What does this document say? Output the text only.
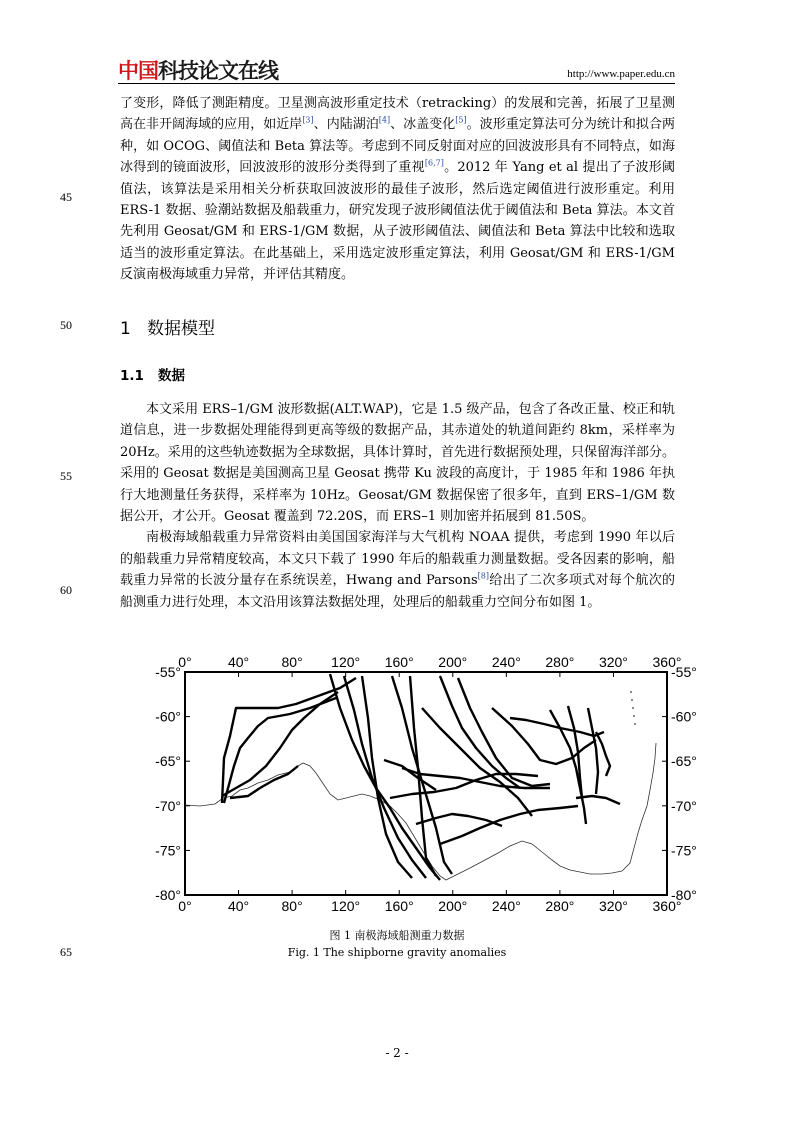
中国科技论文在线	http://www.paper.edu.cn
45
50
55
60
65

了变形，降低了测距精度。卫星测高波形重定技术（retracking）的发展和完善，拓展了卫星测高在非开阔海域的应用，如近岸[3]、内陆湖泊[4]、冰盖变化[5]。波形重定算法可分为统计和拟合两种，如 OCOG、阈值法和 Beta 算法等。考虑到不同反射面对应的回波波形具有不同特点，如海冰得到的镜面波形，回波波形的波形分类得到了重视[6,7]。2012 年 Yang et al 提出了子波形阈值法，该算法是采用相关分析获取回波波形的最佳子波形，然后选定阈值进行波形重定。利用 ERS-1 数据、验潮站数据及船载重力，研究发现子波形阈值法优于阈值法和 Beta 算法。本文首先利用 Geosat/GM 和 ERS-1/GM 数据，从子波形阈值法、阈值法和 Beta 算法中比较和选取适当的波形重定算法。在此基础上，采用选定波形重定算法，利用 Geosat/GM 和 ERS-1/GM 反演南极海域重力异常，并评估其精度。

1 数据模型
1.1 数据

本文采用 ERS–1/GM 波形数据(ALT.WAP)，它是 1.5 级产品，包含了各改正量、校正和轨道信息，进一步数据处理能得到更高等级的数据产品，其赤道处的轨道间距约 8km，采样率为 20Hz。采用的这些轨迹数据为全球数据，具体计算时，首先进行数据预处理，只保留海洋部分。采用的 Geosat 数据是美国测高卫星 Geosat 携带 Ku 波段的高度计，于 1985 年和 1986 年执行大地测量任务获得，采样率为 10Hz。Geosat/GM 数据保密了很多年，直到 ERS–1/GM 数据公开，才公开。Geosat 覆盖到 72.20S，而 ERS–1 则加密并拓展到 81.50S。

南极海域船载重力异常资料由美国国家海洋与大气机构 NOAA 提供，考虑到 1990 年以后的船载重力异常精度较高，本文只下载了 1990 年后的船载重力测量数据。受各因素的影响，船载重力异常的长波分量存在系统误差，Hwang and Parsons[8]给出了二次多项式对每个航次的船测重力进行处理，本文沿用该算法数据处理，处理后的船载重力空间分布如图 1。

0°	40° 80° 120° 160° 200° 240° 280° 320° 360°
0°	40° 80° 120° 160° 200° 240° 280° 320° 360°
-55°
-60°
-65°
-70°
-75°
-80°
-55°
-60°
-65°
-70°
-75°
-80°
图 1 南极海域船测重力数据
Fig. 1 The shipborne gravity anomalies
- 2 -
